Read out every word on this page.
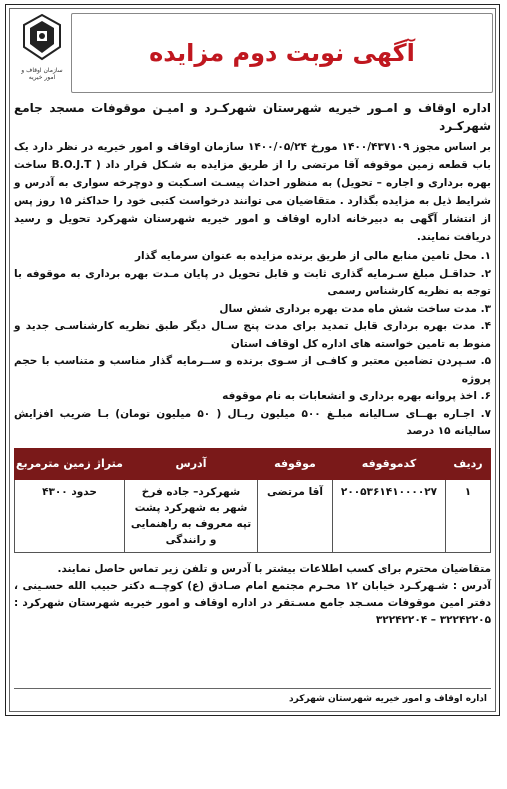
سازمان اوقاف و امور خیریه
آگهی نوبت دوم مزایده
اداره اوقاف و امـور خیریه شهرستان شهرکـرد و امیـن موقوفات مسجد جامع شهرکـرد

بر اساس مجوز ۱۴۰۰/۴۳۷۱۰۹ مورخ ۱۴۰۰/۰۵/۲۴ سازمان اوقاف و امور خیریه در نظر دارد یک باب قطعه زمین موقوفه آقا مرتضی را از طریق مزایده به شـکل قرار داد ( B.O.J.T ساخت بهره برداری و اجاره – تحویل) به منظور احداث پیسـت اسـکیت و دوچرخه سواری به آدرس و شرایط ذیل به مزایده بگذارد . متقاضیان می توانند درخواست کتبی خود را حداکثر ۱۵ روز پس از انتشار آگهی به دبیرخانه اداره اوقاف و امور خیریه شهرستان شهرکرد تحویل و رسید دریافت نمایند.

۱. محل تامین منابع مالی از طریق برنده مزایده به عنوان سرمایه گذار
۲. حداقـل مبلغ سـرمایه گذاری ثابت و قابل تحویل در پایان مـدت بهره برداری به موقوفه با توجه به نظریه کارشناس رسمی
۳. مدت ساخت شش ماه مدت بهره برداری شش سال
۴. مدت بهره برداری قابل تمدید برای مدت پنج سـال دیگر طبق نظریه کارشناسـی جدید و منوط به تامین خواسته های اداره کل اوقاف استان
۵. سـپردن تضامین معتبر و کافـی از سـوی برنده و ســرمایه گذار مناسب و متناسب با حجم پروژه
۶. اخذ پروانه بهره برداری و انشعابات به نام موقوفه
۷. اجـاره بهــای سـالیانه مبلـغ ۵۰۰ میلیون ریـال ( ۵۰ میلیون تومان) بـا ضریب افزایش سالیانه ۱۵ درصد
ردیف	کدموقوفه	موقوفه	آدرس	متراژ زمین مترمربع
۱	۲۰۰۵۳۶۱۴۱۰۰۰۰۲۷	آقا مرتضی	شهرکرد– جاده فرخ شهر به شهرکرد پشت تپه معروف به راهنمایی و رانندگی	حدود ۴۳۰۰
متقاضیان محترم برای کسب اطلاعات بیشتر با آدرس و تلفن زیر تماس حاصل نمایند.
آدرس : شـهرکـرد خیابان ۱۲ محـرم مجتمع امام صـادق (ع) کوچــه دکتر حبیب الله حسـینی ، دفتر امین موقوفات مسـجد جامع مسـتقر در اداره اوقاف و امور خیریه شهرستان شهرکرد : ۳۲۲۴۲۲۰۵ – ۳۲۲۴۲۲۰۴
اداره اوقاف و امور خیریه شهرستان شهرکرد
